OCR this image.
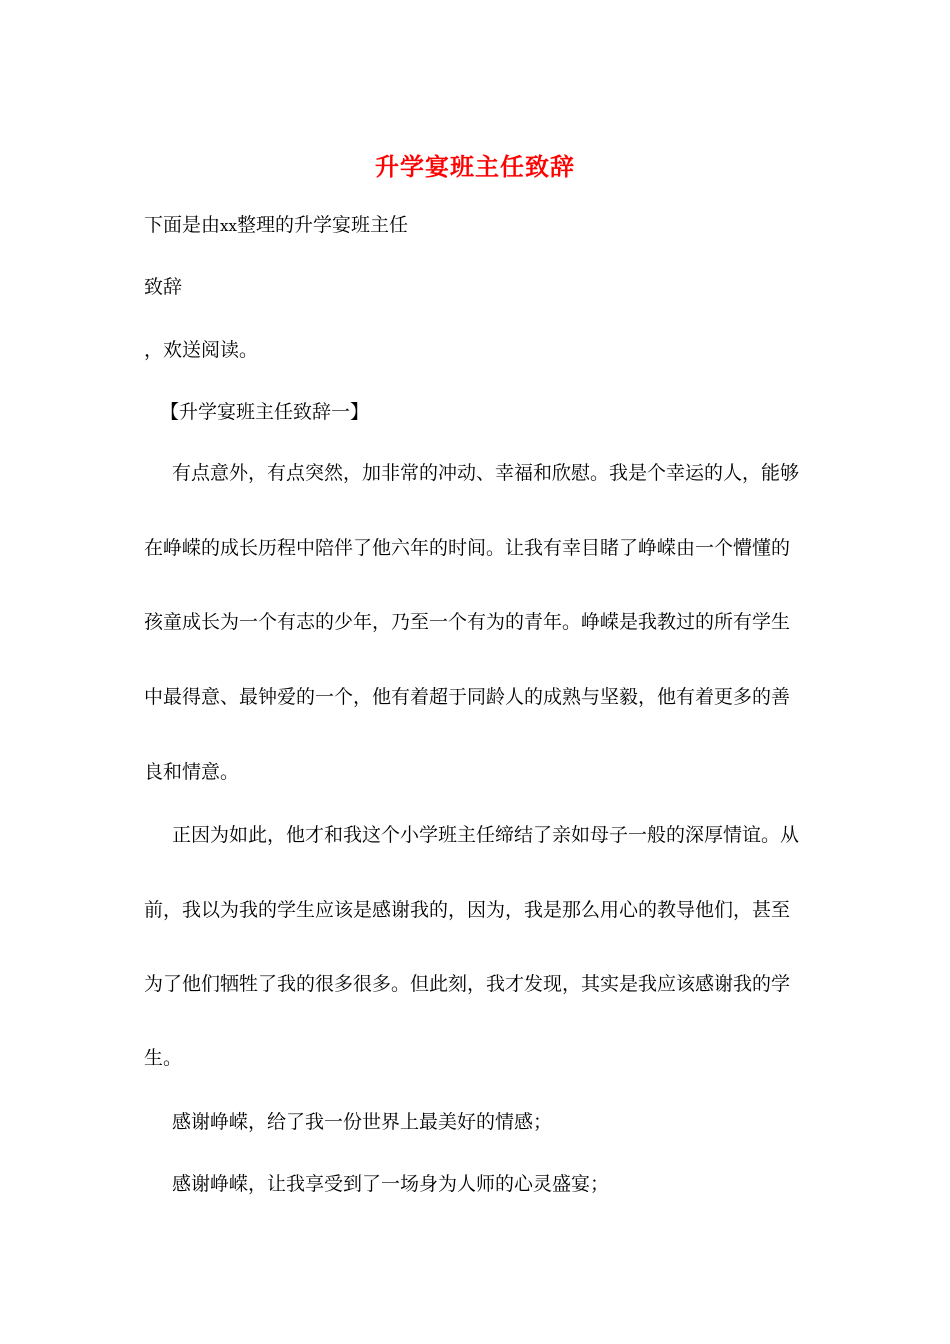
升学宴班主任致辞
下面是由xx整理的升学宴班主任
致辞
，欢送阅读。
【升学宴班主任致辞一】
有点意外，有点突然，加非常的冲动、幸福和欣慰。我是个幸运的人，能够
在峥嵘的成长历程中陪伴了他六年的时间。让我有幸目睹了峥嵘由一个懵懂的
孩童成长为一个有志的少年，乃至一个有为的青年。峥嵘是我教过的所有学生
中最得意、最钟爱的一个，他有着超于同龄人的成熟与坚毅，他有着更多的善
良和情意。
正因为如此，他才和我这个小学班主任缔结了亲如母子一般的深厚情谊。从
前，我以为我的学生应该是感谢我的，因为，我是那么用心的教导他们，甚至
为了他们牺牲了我的很多很多。但此刻，我才发现，其实是我应该感谢我的学
生。
感谢峥嵘，给了我一份世界上最美好的情感；
感谢峥嵘，让我享受到了一场身为人师的心灵盛宴；
